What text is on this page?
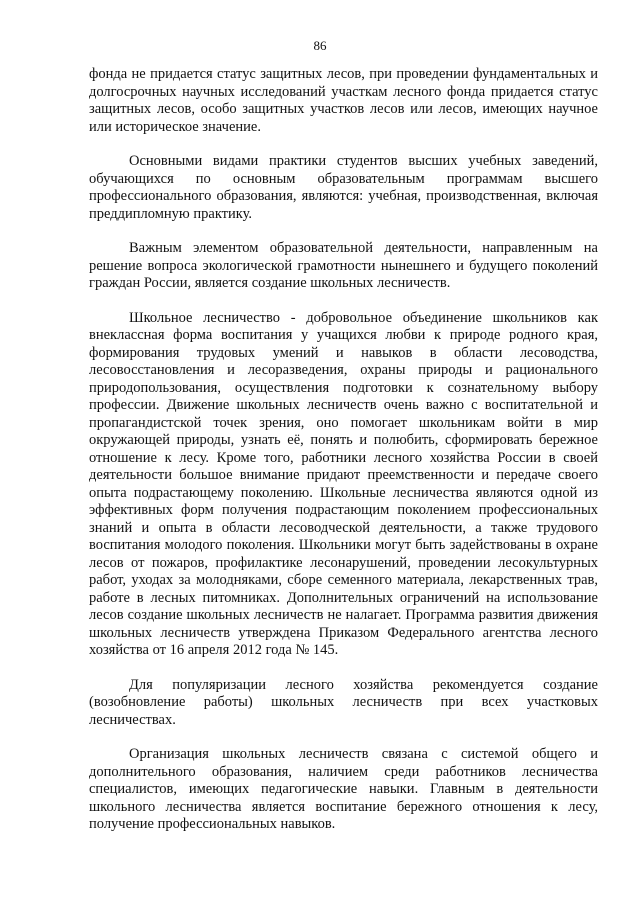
86

фонда не придается статус защитных лесов, при проведении фундаментальных и долгосрочных научных исследований участкам лесного фонда придается статус защитных лесов, особо защитных участков лесов или лесов, имеющих научное или историческое значение.

Основными видами практики студентов высших учебных заведений, обучающихся по основным образовательным программам высшего профессионального образования, являются: учебная, производственная, включая преддипломную практику.

Важным элементом образовательной деятельности, направленным на решение вопроса экологической грамотности нынешнего и будущего поколений граждан России, является создание школьных лесничеств.

Школьное лесничество - добровольное объединение школьников как внеклассная форма воспитания у учащихся любви к природе родного края, формирования трудовых умений и навыков в области лесоводства, лесовосстановления и лесоразведения, охраны природы и рационального природопользования, осуществления подготовки к сознательному выбору профессии. Движение школьных лесничеств очень важно с воспитательной и пропагандистской точек зрения, оно помогает школьникам войти в мир окружающей природы, узнать её, понять и полюбить, сформировать бережное отношение к лесу. Кроме того, работники лесного хозяйства России в своей деятельности большое внимание придают преемственности и передаче своего опыта подрастающему поколению. Школьные лесничества являются одной из эффективных форм получения подрастающим поколением профессиональных знаний и опыта в области лесоводческой деятельности, а также трудового воспитания молодого поколения. Школьники могут быть задействованы в охране лесов от пожаров, профилактике лесонарушений, проведении лесокультурных работ, уходах за молодняками, сборе семенного материала, лекарственных трав, работе в лесных питомниках. Дополнительных ограничений на использование лесов создание школьных лесничеств не налагает. Программа развития движения школьных лесничеств утверждена Приказом Федерального агентства лесного хозяйства от 16 апреля 2012 года № 145.

Для популяризации лесного хозяйства рекомендуется создание (возобновление работы) школьных лесничеств при всех участковых лесничествах.

Организация школьных лесничеств связана с системой общего и дополнительного образования, наличием среди работников лесничества специалистов, имеющих педагогические навыки. Главным в деятельности школьного лесничества является воспитание бережного отношения к лесу, получение профессиональных навыков.
